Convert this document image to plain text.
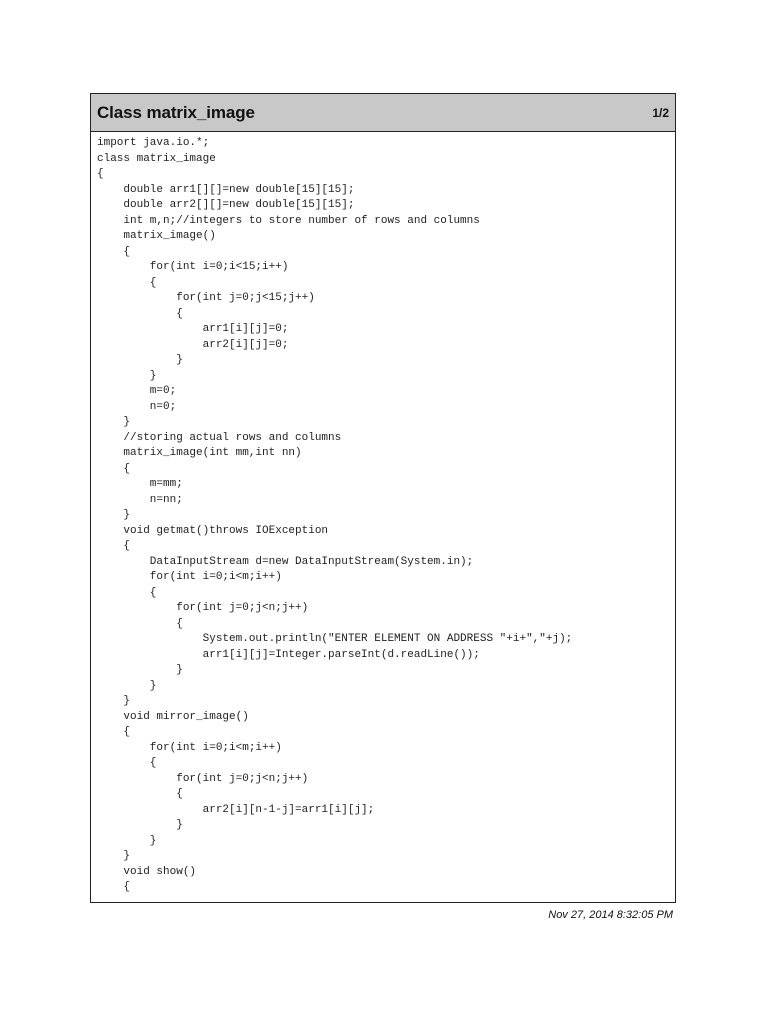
Class matrix_image	1/2
import java.io.*;
class matrix_image
{
double arr1[][]=new double[15][15];
double arr2[][]=new double[15][15];
int m,n;//integers to store number of rows and columns
matrix_image()
{
for(int i=0;i<15;i++)
{
for(int j=0;j<15;j++)
{
arr1[i][j]=0;
arr2[i][j]=0;
}
}
m=0;
n=0;
}
//storing actual rows and columns
matrix_image(int mm,int nn)
{
m=mm;
n=nn;
}
void getmat()throws IOException
{
DataInputStream d=new DataInputStream(System.in);
for(int i=0;i<m;i++)
{
for(int j=0;j<n;j++)
{
System.out.println("ENTER ELEMENT ON ADDRESS "+i+","+j);
arr1[i][j]=Integer.parseInt(d.readLine());
}
}
}
void mirror_image()
{
for(int i=0;i<m;i++)
{
for(int j=0;j<n;j++)
{
arr2[i][n-1-j]=arr1[i][j];
}
}
}
void show()
{
Nov 27, 2014 8:32:05 PM
